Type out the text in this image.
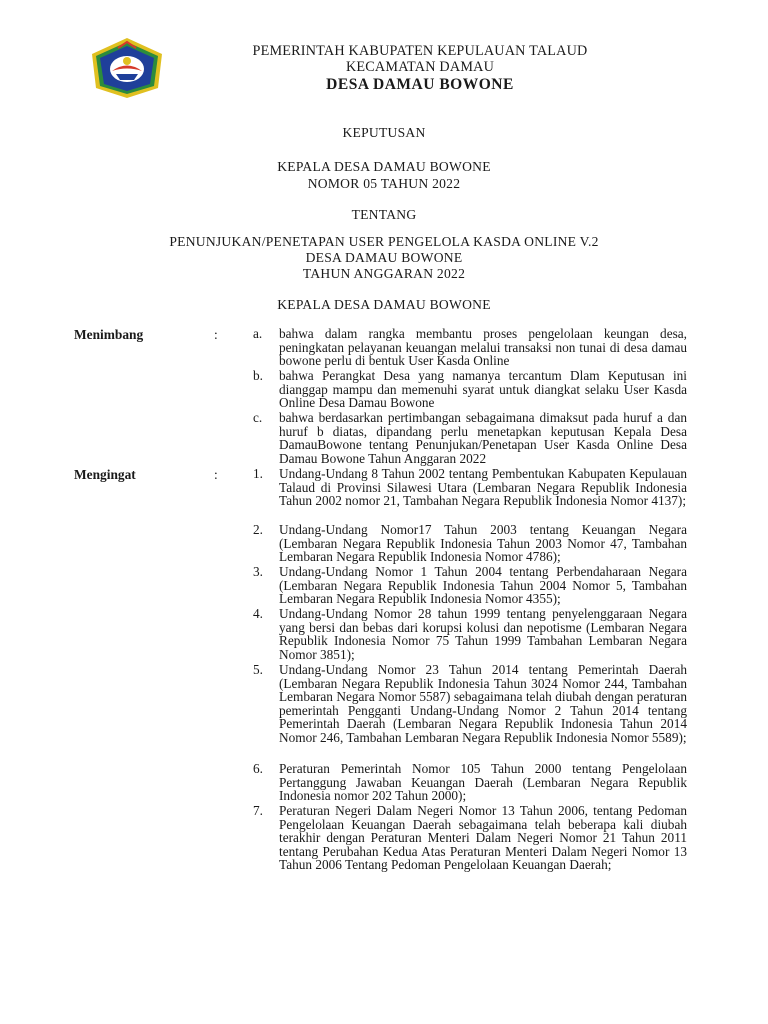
PEMERINTAH KABUPATEN KEPULAUAN TALAUD
KECAMATAN DAMAU
DESA DAMAU BOWONE
KEPUTUSAN
KEPALA DESA DAMAU BOWONE
NOMOR 05 TAHUN 2022
TENTANG
PENUNJUKAN/PENETAPAN USER PENGELOLA KASDA ONLINE V.2
DESA DAMAU BOWONE
TAHUN ANGGARAN 2022
KEPALA DESA DAMAU BOWONE
Menimbang	:	a. bahwa dalam rangka membantu proses pengelolaan keungan desa, peningkatan pelayanan keuangan melalui transaksi non tunai di desa damau bowone perlu di bentuk User Kasda Online
b. bahwa Perangkat Desa yang namanya tercantum Dlam Keputusan ini dianggap mampu dan memenuhi syarat untuk diangkat selaku User Kasda Online Desa Damau Bowone
c. bahwa berdasarkan pertimbangan sebagaimana dimaksut pada huruf a dan huruf b diatas, dipandang perlu menetapkan keputusan Kepala Desa DamauBowone tentang Penunjukan/Penetapan User Kasda Online Desa Damau Bowone Tahun Anggaran 2022
Mengingat	:	1. Undang-Undang 8 Tahun 2002 tentang Pembentukan Kabupaten Kepulauan Talaud di Provinsi Silawesi Utara (Lembaran Negara Republik Indonesia Tahun 2002 nomor 21, Tambahan Negara Republik Indonesia Nomor 4137);
2. Undang-Undang Nomor17 Tahun 2003 tentang Keuangan Negara (Lembaran Negara Republik Indonesia Tahun 2003 Nomor 47, Tambahan Lembaran Negara Republik Indonesia Nomor 4786);
3. Undang-Undang Nomor 1 Tahun 2004 tentang Perbendaharaan Negara (Lembaran Negara Republik Indonesia Tahun 2004 Nomor 5, Tambahan Lembaran Negara Republik Indonesia Nomor 4355);
4. Undang-Undang Nomor 28 tahun 1999 tentang penyelenggaraan Negara yang bersi dan bebas dari korupsi kolusi dan nepotisme (Lembaran Negara Republik Indonesia Nomor 75 Tahun 1999 Tambahan Lembaran Negara Nomor 3851);
5. Undang-Undang Nomor 23 Tahun 2014 tentang Pemerintah Daerah (Lembaran Negara Republik Indonesia Tahun 3024 Nomor 244, Tambahan Lembaran Negara Nomor 5587) sebagaimana telah diubah dengan peraturan pemerintah Pengganti Undang-Undang Nomor 2 Tahun 2014 tentang Pemerintah Daerah (Lembaran Negara Republik Indonesia Tahun 2014 Nomor 246, Tambahan Lembaran Negara Republik Indonesia Nomor 5589);
6. Peraturan Pemerintah Nomor 105 Tahun 2000 tentang Pengelolaan Pertanggung Jawaban Keuangan Daerah (Lembaran Negara Republik Indonesia nomor 202 Tahun 2000);
7. Peraturan Negeri Dalam Negeri Nomor 13 Tahun 2006, tentang Pedoman Pengelolaan Keuangan Daerah sebagaimana telah beberapa kali diubah terakhir dengan Peraturan Menteri Dalam Negeri Nomor 21 Tahun 2011 tentang Perubahan Kedua Atas Peraturan Menteri Dalam Negeri Nomor 13 Tahun 2006 Tentang Pedoman Pengelolaan Keuangan Daerah;
